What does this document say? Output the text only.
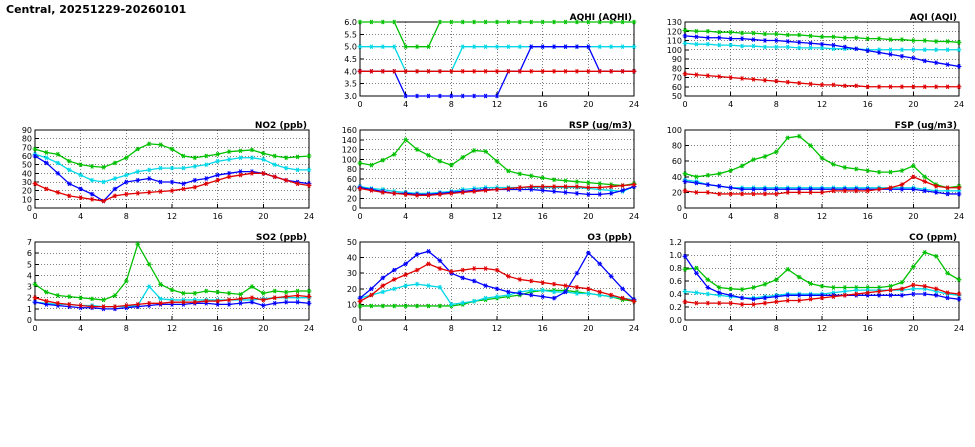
Central, 20251229-20260101
3.0
3.5
4.0
4.5
5.0
5.5
6.0
0	4	8	12	16	20	24
AQHI (AQHI)
50
60
70
80
90
100
110
120
130
0	4	8	12	16	20	24
AQI (AQI)
0
10
20
30
40
50
60
70
80
90
0	4	8	12	16	20	24
NO2 (ppb)
0
20
40
60
80
100
120
140
160
0	4	8	12	16	20	24
RSP (ug/m3)
0
20
40
60
80
100
0	4	8	12	16	20	24
FSP (ug/m3)
0
1
2
3
4
5
6
7
0	4	8	12	16	20	24
SO2 (ppb)
0
10
20
30
40
50
0	4	8	12	16	20	24
O3 (ppb)
0.0
0.2
0.4
0.6
0.8
1.0
1.2
0	4	8	12	16	20	24
CO (ppm)
